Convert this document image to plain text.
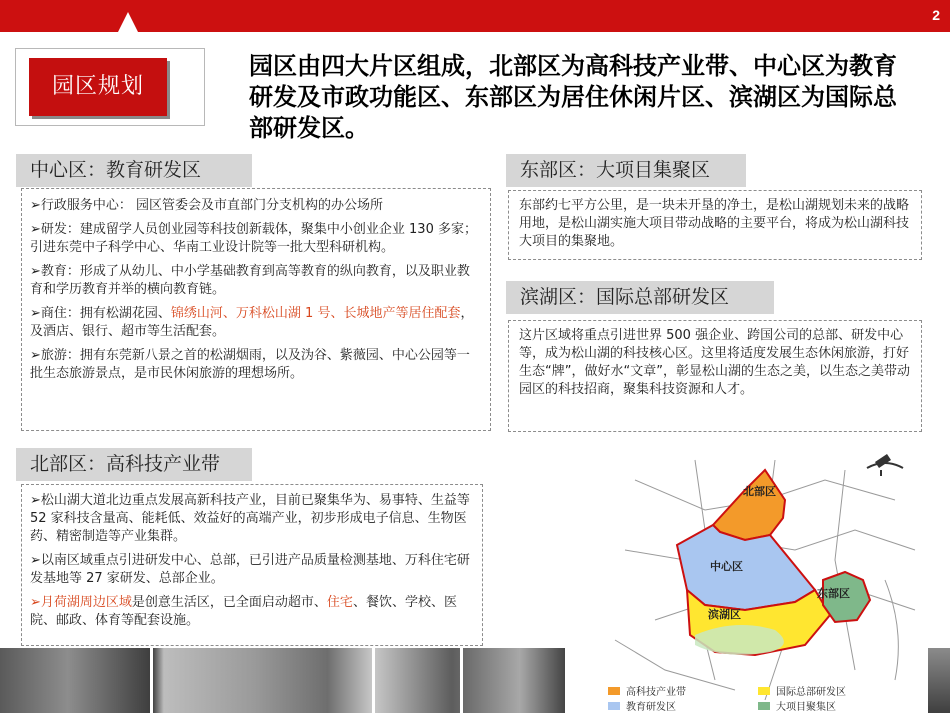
2
园区规划
园区由四大片区组成，北部区为高科技产业带、中心区为教育研发及市政功能区、东部区为居住休闲片区、滨湖区为国际总部研发区。
中心区：教育研发区

➢行政服务中心： 园区管委会及市直部门分支机构的办公场所

➢研发：建成留学人员创业园等科技创新载体，聚集中小创业企业 130 多家；引进东莞中子科学中心、华南工业设计院等一批大型科研机构。

➢教育：形成了从幼儿、中小学基础教育到高等教育的纵向教育，以及职业教育和学历教育并举的横向教育链。

➢商住：拥有松湖花园、锦绣山河、万科松山湖 1 号、长城地产等居住配套，及酒店、银行、超市等生活配套。

➢旅游：拥有东莞新八景之首的松湖烟雨，以及沩谷、紫薇园、中心公园等一批生态旅游景点，是市民休闲旅游的理想场所。

北部区：高科技产业带

➢松山湖大道北边重点发展高新科技产业，目前已聚集华为、易事特、生益等 52 家科技含量高、能耗低、效益好的高端产业，初步形成电子信息、生物医药、精密制造等产业集群。

➢以南区域重点引进研发中心、总部，已引进产品质量检测基地、万科住宅研发基地等 27 家研发、总部企业。

➢月荷湖周边区域是创意生活区，已全面启动超市、住宅、餐饮、学校、医院、邮政、体育等配套设施。

东部区：大项目集聚区

东部约七平方公里，是一块未开垦的净土，是松山湖规划未来的战略用地，是松山湖实施大项目带动战略的主要平台，将成为松山湖科技大项目的集聚地。

滨湖区：国际总部研发区

这片区域将重点引进世界 500 强企业、跨国公司的总部、研发中心等，成为松山湖的科技核心区。这里将适度发展生态休闲旅游，打好生态“牌”，做好水“文章”，彰显松山湖的生态之美，以生态之美带动园区的科技招商，聚集科技资源和人才。

北部区
中心区
东部区
滨湖区
高科技产业带	国际总部研发区
教育研发区	大项目聚集区
